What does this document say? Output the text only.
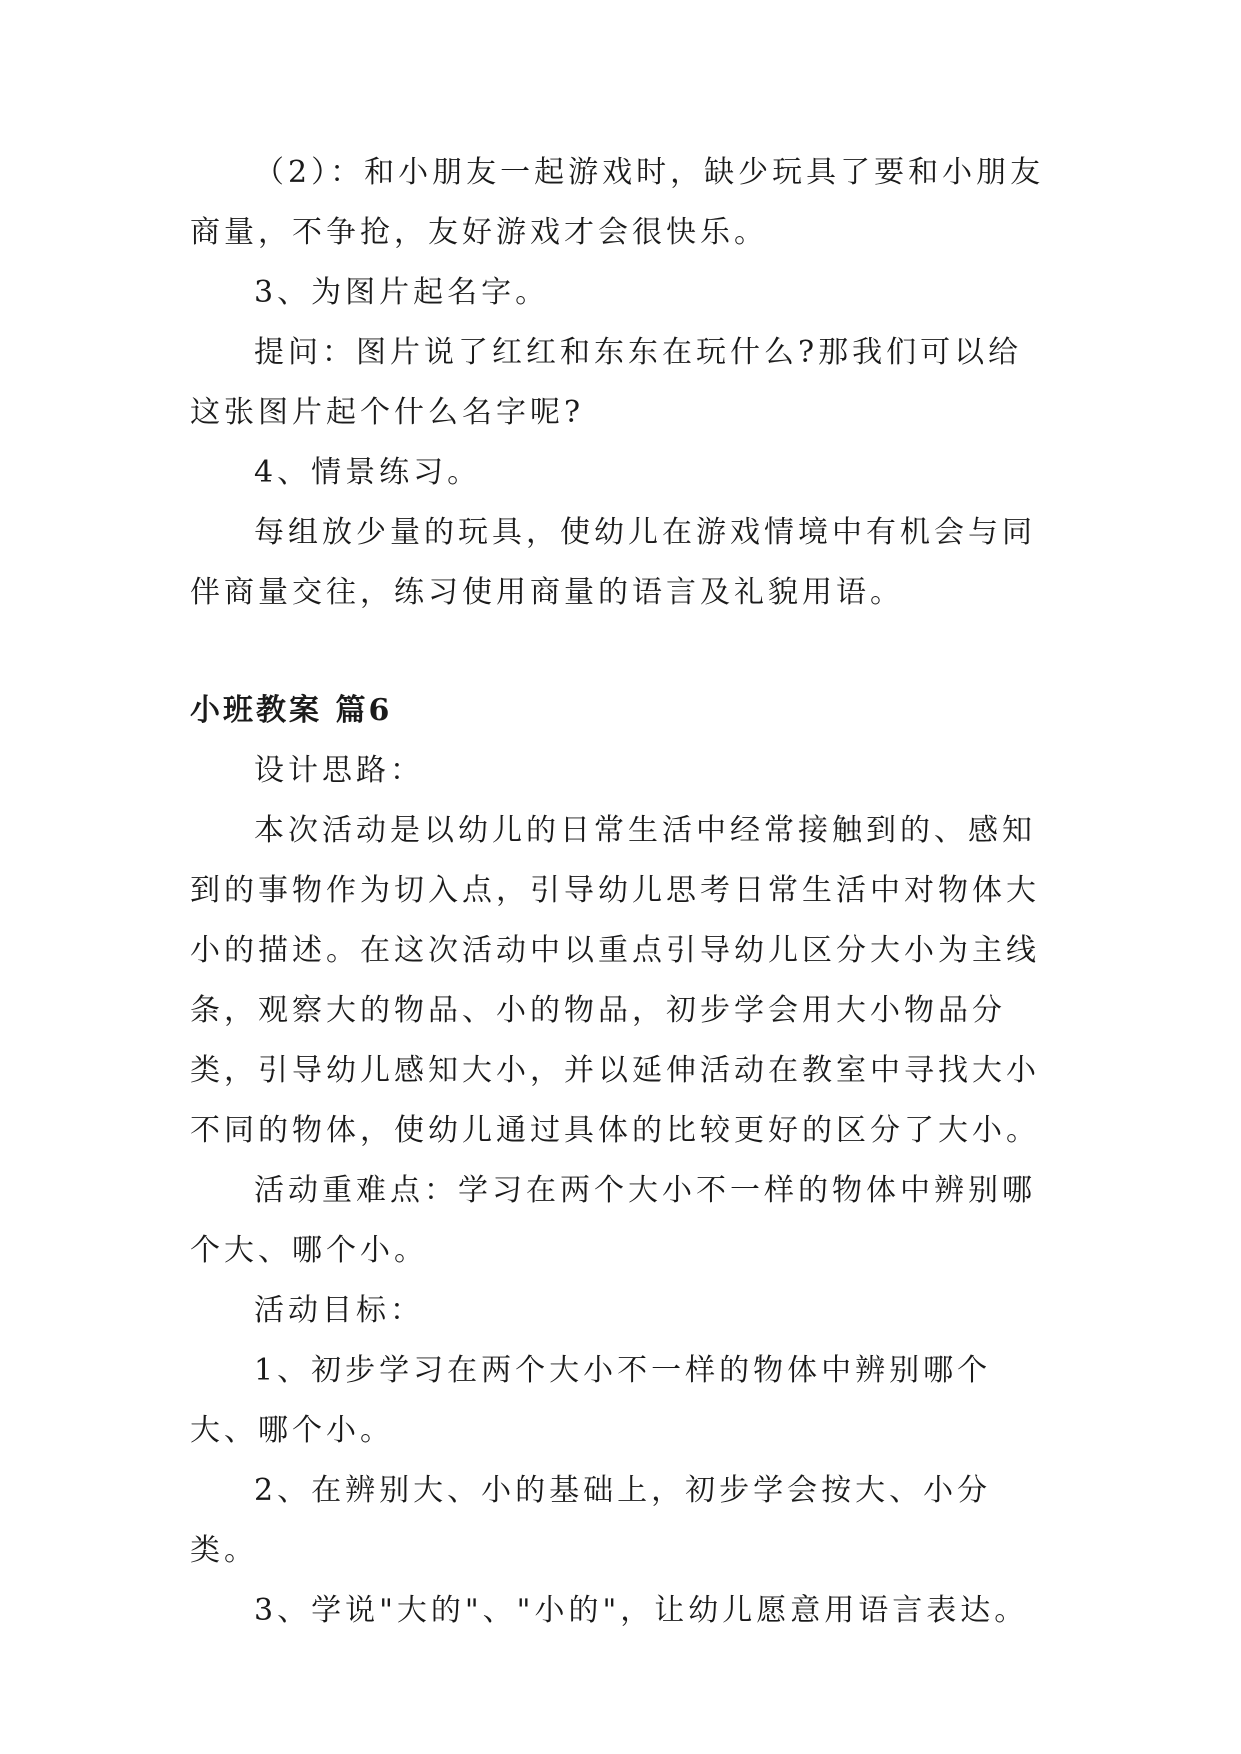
（2）：和小朋友一起游戏时，缺少玩具了要和小朋友商量，不争抢，友好游戏才会很快乐。

3、为图片起名字。

提问：图片说了红红和东东在玩什么?那我们可以给这张图片起个什么名字呢?

4、情景练习。

每组放少量的玩具，使幼儿在游戏情境中有机会与同伴商量交往，练习使用商量的语言及礼貌用语。

小班教案 篇6

设计思路：

本次活动是以幼儿的日常生活中经常接触到的、感知到的事物作为切入点，引导幼儿思考日常生活中对物体大小的描述。在这次活动中以重点引导幼儿区分大小为主线条，观察大的物品、小的物品，初步学会用大小物品分类，引导幼儿感知大小，并以延伸活动在教室中寻找大小不同的物体，使幼儿通过具体的比较更好的区分了大小。

活动重难点：学习在两个大小不一样的物体中辨别哪个大、哪个小。

活动目标：

1、初步学习在两个大小不一样的物体中辨别哪个大、哪个小。

2、在辨别大、小的基础上，初步学会按大、小分类。

3、学说"大的"、"小的"，让幼儿愿意用语言表达。
